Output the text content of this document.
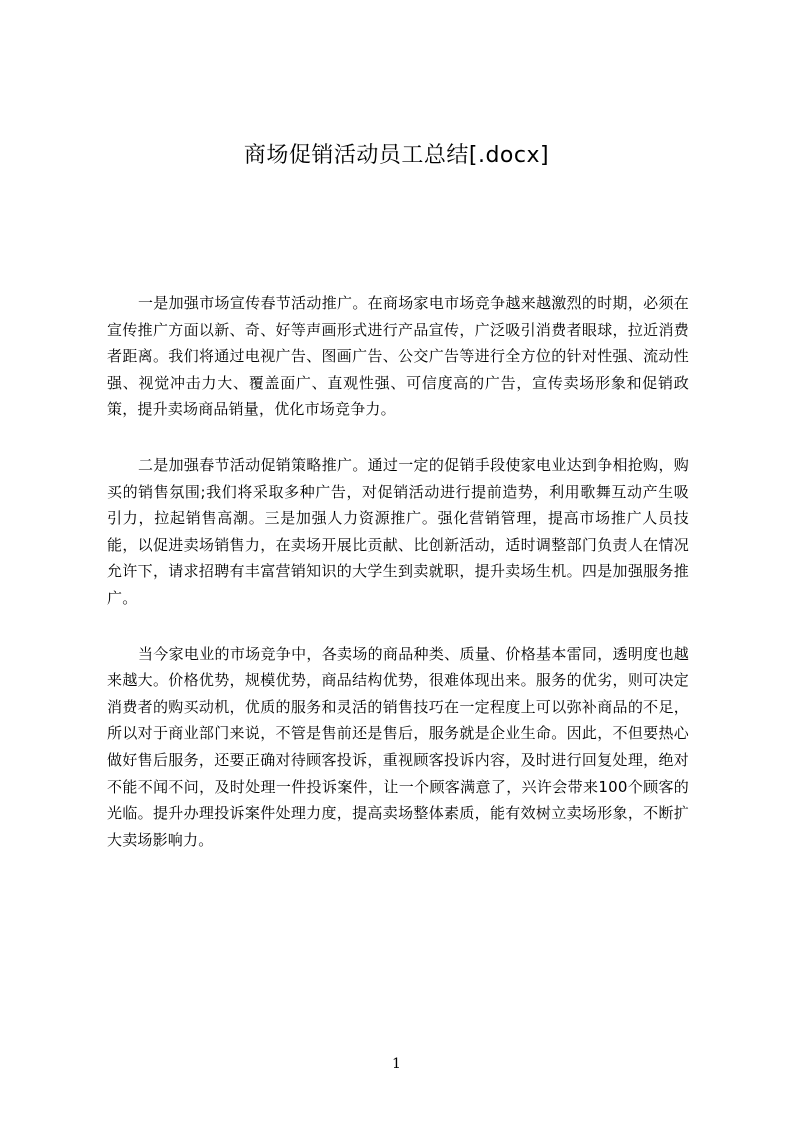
商场促销活动员工总结[.docx]

一是加强市场宣传春节活动推广。在商场家电市场竞争越来越激烈的时期，必须在宣传推广方面以新、奇、好等声画形式进行产品宣传，广泛吸引消费者眼球，拉近消费者距离。我们将通过电视广告、图画广告、公交广告等进行全方位的针对性强、流动性强、视觉冲击力大、覆盖面广、直观性强、可信度高的广告，宣传卖场形象和促销政策，提升卖场商品销量，优化市场竞争力。

二是加强春节活动促销策略推广。通过一定的促销手段使家电业达到争相抢购，购买的销售氛围;我们将采取多种广告，对促销活动进行提前造势，利用歌舞互动产生吸引力，拉起销售高潮。三是加强人力资源推广。强化营销管理，提高市场推广人员技能，以促进卖场销售力，在卖场开展比贡献、比创新活动，适时调整部门负责人在情况允许下，请求招聘有丰富营销知识的大学生到卖就职，提升卖场生机。四是加强服务推广。

当今家电业的市场竞争中，各卖场的商品种类、质量、价格基本雷同，透明度也越来越大。价格优势，规模优势，商品结构优势，很难体现出来。服务的优劣，则可决定消费者的购买动机，优质的服务和灵活的销售技巧在一定程度上可以弥补商品的不足，所以对于商业部门来说，不管是售前还是售后，服务就是企业生命。因此，不但要热心做好售后服务，还要正确对待顾客投诉，重视顾客投诉内容，及时进行回复处理，绝对不能不闻不问，及时处理一件投诉案件，让一个顾客满意了，兴许会带来100个顾客的光临。提升办理投诉案件处理力度，提高卖场整体素质，能有效树立卖场形象，不断扩大卖场影响力。

1
